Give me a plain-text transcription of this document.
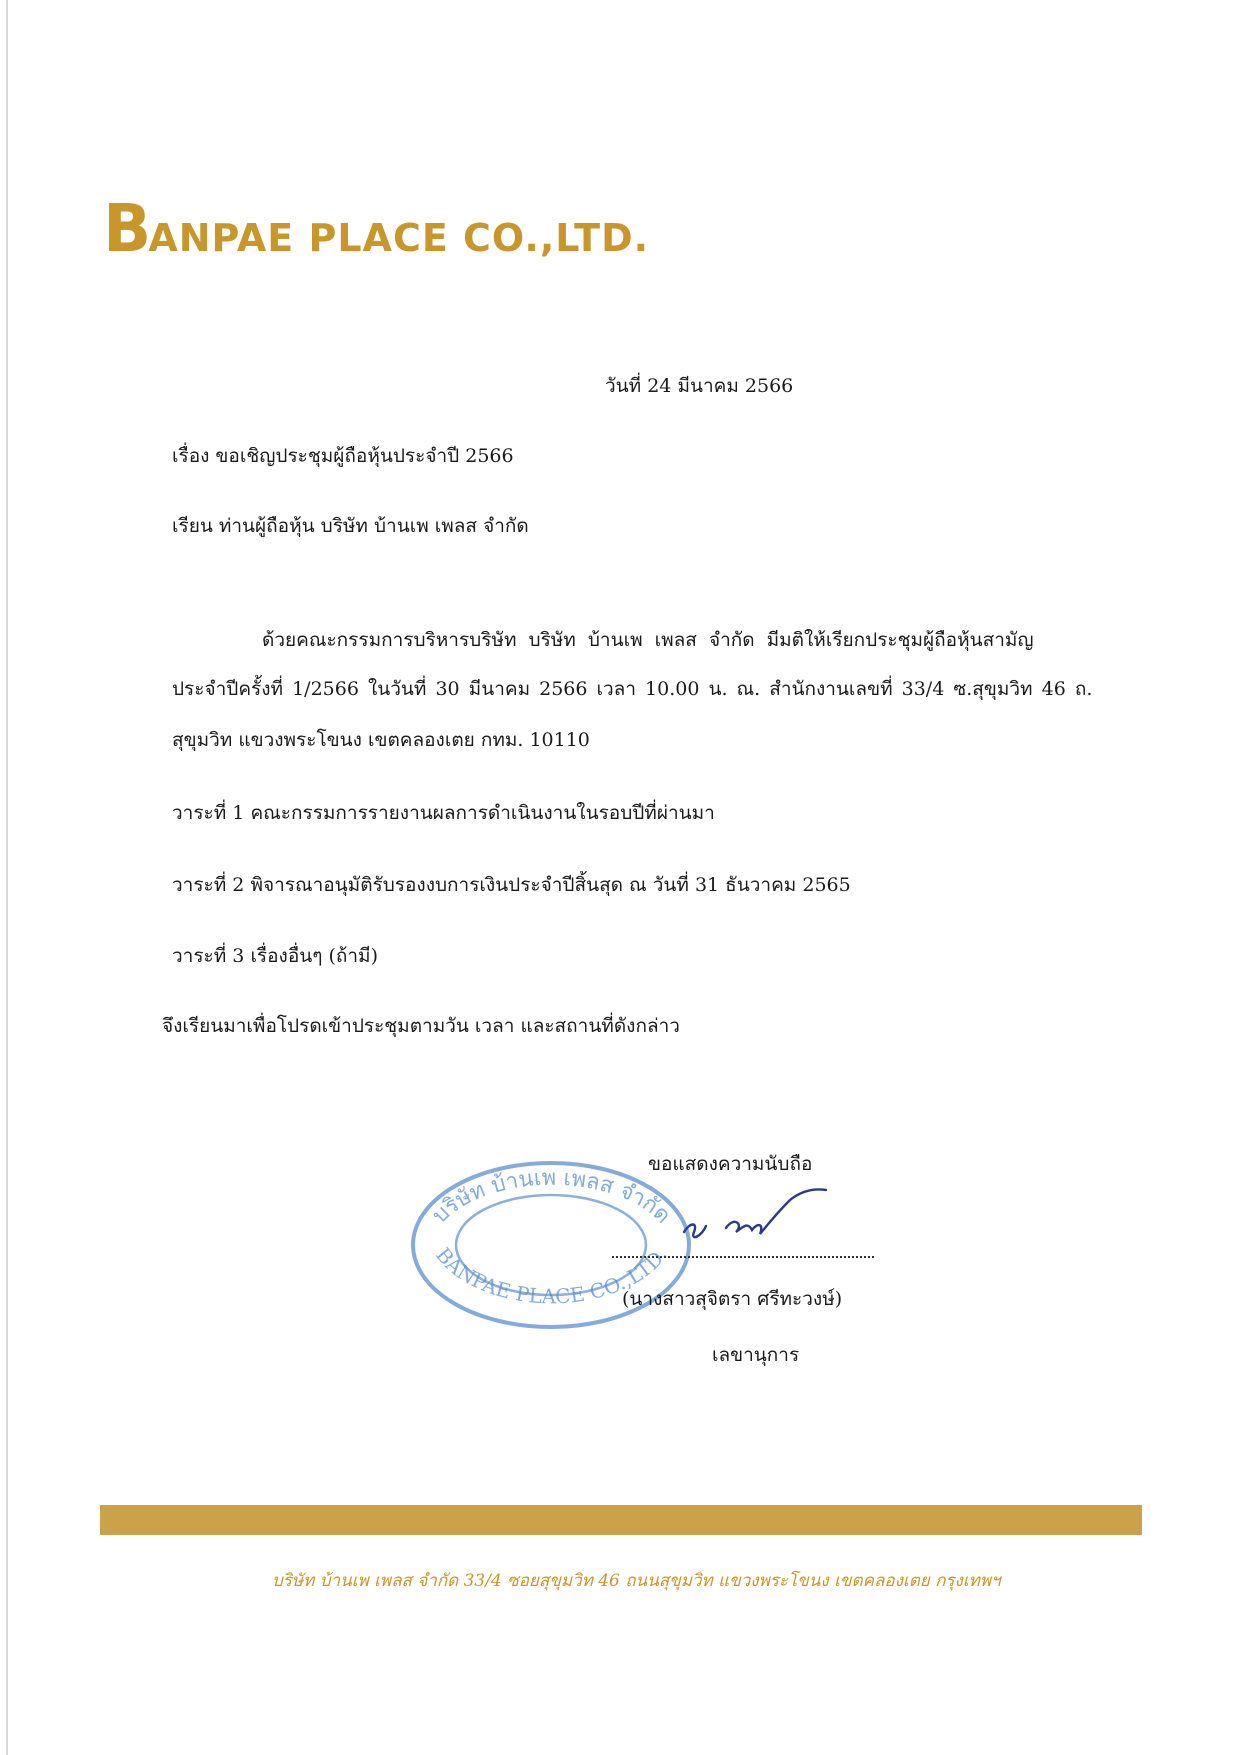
BANPAE PLACE CO.,LTD.
วันที่ 24 มีนาคม 2566
เรื่อง ขอเชิญประชุมผู้ถือหุ้นประจำปี 2566
เรียน ท่านผู้ถือหุ้น บริษัท บ้านเพ เพลส จำกัด
ด้วยคณะกรรมการบริหารบริษัท บริษัท บ้านเพ เพลส จำกัด มีมติให้เรียกประชุมผู้ถือหุ้นสามัญ
ประจำปีครั้งที่ 1/2566 ในวันที่ 30 มีนาคม 2566 เวลา 10.00 น. ณ. สำนักงานเลขที่ 33/4 ซ.สุขุมวิท 46 ถ.
สุขุมวิท แขวงพระโขนง เขตคลองเตย กทม. 10110
วาระที่ 1 คณะกรรมการรายงานผลการดำเนินงานในรอบปีที่ผ่านมา
วาระที่ 2 พิจารณาอนุมัติรับรองงบการเงินประจำปีสิ้นสุด ณ วันที่ 31 ธันวาคม 2565
วาระที่ 3 เรื่องอื่นๆ (ถ้ามี)
จึงเรียนมาเพื่อโปรดเข้าประชุมตามวัน เวลา และสถานที่ดังกล่าว
ขอแสดงความนับถือ
บริษัท บ้านเพ เพลส จำกัด
BANPAE PLACE CO.,LTD.
(นางสาวสุจิตรา ศรีทะวงษ์)
เลขานุการ
บริษัท บ้านเพ เพลส จำกัด 33/4 ซอยสุขุมวิท 46 ถนนสุขุมวิท แขวงพระโขนง เขตคลองเตย กรุงเทพฯ
